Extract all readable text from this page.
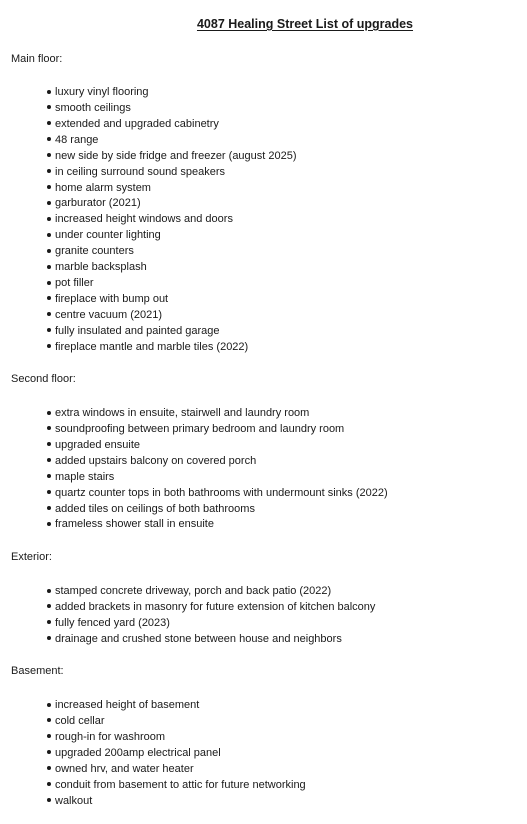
4087 Healing Street List of upgrades
Main floor:
luxury vinyl flooring
smooth ceilings
extended and upgraded cabinetry
48 range
new side by side fridge and freezer (august 2025)
in ceiling surround sound speakers
home alarm system
garburator (2021)
increased height windows and doors
under counter lighting
granite counters
marble backsplash
pot filler
fireplace with bump out
centre vacuum (2021)
fully insulated and painted garage
fireplace mantle and marble tiles (2022)
Second floor:
extra windows in ensuite, stairwell and laundry room
soundproofing between primary bedroom and laundry room
upgraded ensuite
added upstairs balcony on covered porch
maple stairs
quartz counter tops in both bathrooms with undermount sinks (2022)
added tiles on ceilings of both bathrooms
frameless shower stall in ensuite
Exterior:
stamped concrete driveway, porch and back patio (2022)
added brackets in masonry for future extension of kitchen balcony
fully fenced yard (2023)
drainage and crushed stone between house and neighbors
Basement:
increased height of basement
cold cellar
rough-in for washroom
upgraded 200amp electrical panel
owned hrv, and water heater
conduit from basement to attic for future networking
walkout
